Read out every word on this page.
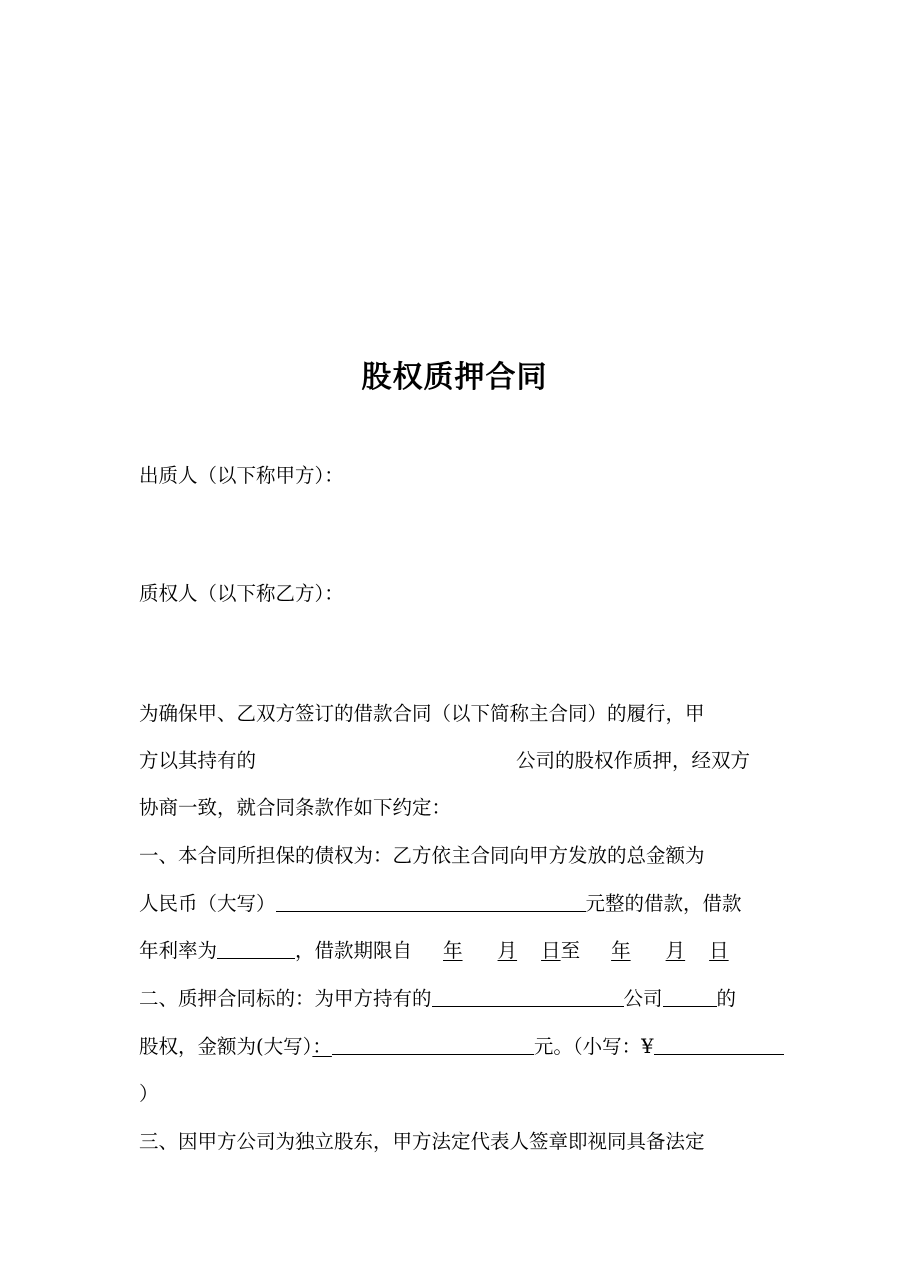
股权质押合同
出质人（以下称甲方）：
质权人（以下称乙方）：
为确保甲、乙双方签订的借款合同（以下简称主合同）的履行，甲
方以其持有的	公司的股权作质押，经双方
协商一致，就合同条款作如下约定：
一、本合同所担保的债权为：乙方依主合同向甲方发放的总金额为
人民币（大写）	元整的借款，借款
年利率为	，借款期限自 年 月 日至 年 月 日
二、质押合同标的：为甲方持有的	公司	的
股权，金额为(大写）：	元。（小写：¥
）
三、因甲方公司为独立股东，甲方法定代表人签章即视同具备法定
